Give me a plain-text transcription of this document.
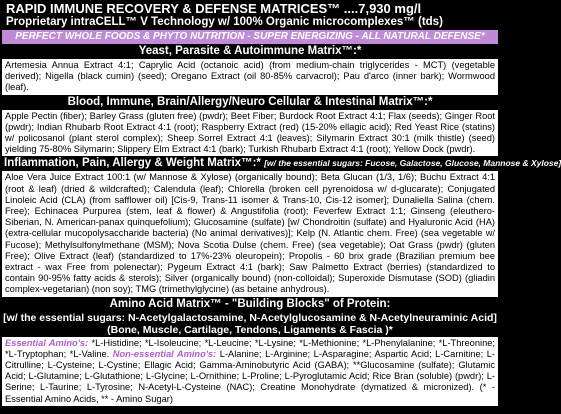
RAPID IMMUNE RECOVERY & DEFENSE MATRICES™ ....7,930 mg/l
Proprietary intraCELL™ V Technology w/ 100% Organic microcomplexes™ (tds)
PERFECT WHOLE FOODS & PHYTO NUTRITION - SUPER ENERGIZING - ALL NATURAL DEFENSE*
Yeast, Parasite & Autoimmune Matrix™:*
Artemesia Annua Extract 4:1; Caprylic Acid (octanoic acid) (from medium-chain triglycerides - MCT) (vegetable derived); Nigella (black cumin) (seed); Oregano Extract (oil 80-85% carvacrol); Pau d'arco (inner bark); Wormwood (leaf).
Blood, Immune, Brain/Allergy/Neuro Cellular & Intestinal Matrix™:*
Apple Pectin (fiber); Barley Grass (gluten free) (pwdr); Beet Fiber; Burdock Root Extract 4:1; Flax (seeds); Ginger Root (pwdr); Indian Rhubarb Root Extract 4:1 (root); Raspberry Extract (red) (15-20% ellagic acid); Red Yeast Rice (statins) w/ policosanol (plant sterol complex); Sheep Sorrel Extract 4:1 (leaves); Silymarin Extract 30:1 (milk thistle) (seed) yielding 75-80% Silymarin; Slippery Elm Extract 4:1 (bark); Turkish Rhubarb Extract 4:1 (root); Yellow Dock (pwdr).
Inflammation, Pain, Allergy & Weight Matrix™:* [w/ the essential sugars: Fucose, Galactose, Glucose, Mannose & Xylose]
Aloe Vera Juice Extract 100:1 (w/ Mannose & Xylose) (organically bound); Beta Glucan (1/3, 1/6); Buchu Extract 4:1 (root & leaf) (dried & wildcrafted); Calendula (leaf); Chlorella (broken cell pyrenoidosa w/ d-glucarate); Conjugated Linoleic Acid (CLA) (from safflower oil) [Cis-9, Trans-11 isomer & Trans-10, Cis-12 isomer]; Dunaliella Salina (chem. Free); Echinacea Purpurea (stem, leaf & flower) & Angustifolia (root); Feverfew Extract 1:1; Ginseng (eleuthero-Siberian, N. American-panax quinquefolium); Glucosamine (sulfate) [w/ Chondroitin (sulfate) and Hyaluronic Acid (HA) (extra-cellular mucopolysaccharide bacteria) (No animal derivatives)]; Kelp (N. Atlantic chem. Free) (sea vegetable w/ Fucose); Methylsulfonylmethane (MSM); Nova Scotia Dulse (chem. Free) (sea vegetable); Oat Grass (pwdr) (gluten Free); Olive Extract (leaf) (standardized to 17%-23% oleuropein); Propolis - 60 brix grade (Brazilian premium bee extract - wax Free from polenectar); Pygeum Extract 4:1 (bark); Saw Palmetto Extract (berries) (standardized to contain 90-95% fatty acids & sterols); Silver (organically bound) (non-colloidal); Superoxide Dismutase (SOD) (gliadin complex-vegetarian) (non soy); TMG (trimethylglycine) (as betaine anhydrous).
Amino Acid Matrix™ - "Building Blocks" of Protein:
[w/ the essential sugars: N-Acetylgalactosamine, N-Acetylglucosamine & N-Acetylneuraminic Acid]
(Bone, Muscle, Cartilage, Tendons, Ligaments & Fascia )*
Essential Amino's: *L-Histidine; *L-Isoleucine; *L-Leucine; *L-Lysine; *L-Methionine; *L-Phenylalanine; *L-Threonine; *L-Tryptophan; *L-Valine. Non-essential Amino's: L-Alanine; L-Arginine; L-Asparagine; Aspartic Acid; L-Carnitine; L-Citrulline; L-Cysteine; L-Cystine; Ellagic Acid; Gamma-Aminobutyric Acid (GABA); **Glucosamine (sulfate); Glutamic Acid; L-Glutamine; L-Glutathione; L-Glycine; L-Ornithine; L-Proline; L-Pyroglutamic Acid; Rice Bran (soluble) (pwdr); L-Serine; L-Taurine; L-Tyrosine; N-Acetyl-L-Cysteine (NAC); Creatine Monohydrate (dymatized & micronized). (* - Essential Amino Acids, ** - Amino Sugar)
